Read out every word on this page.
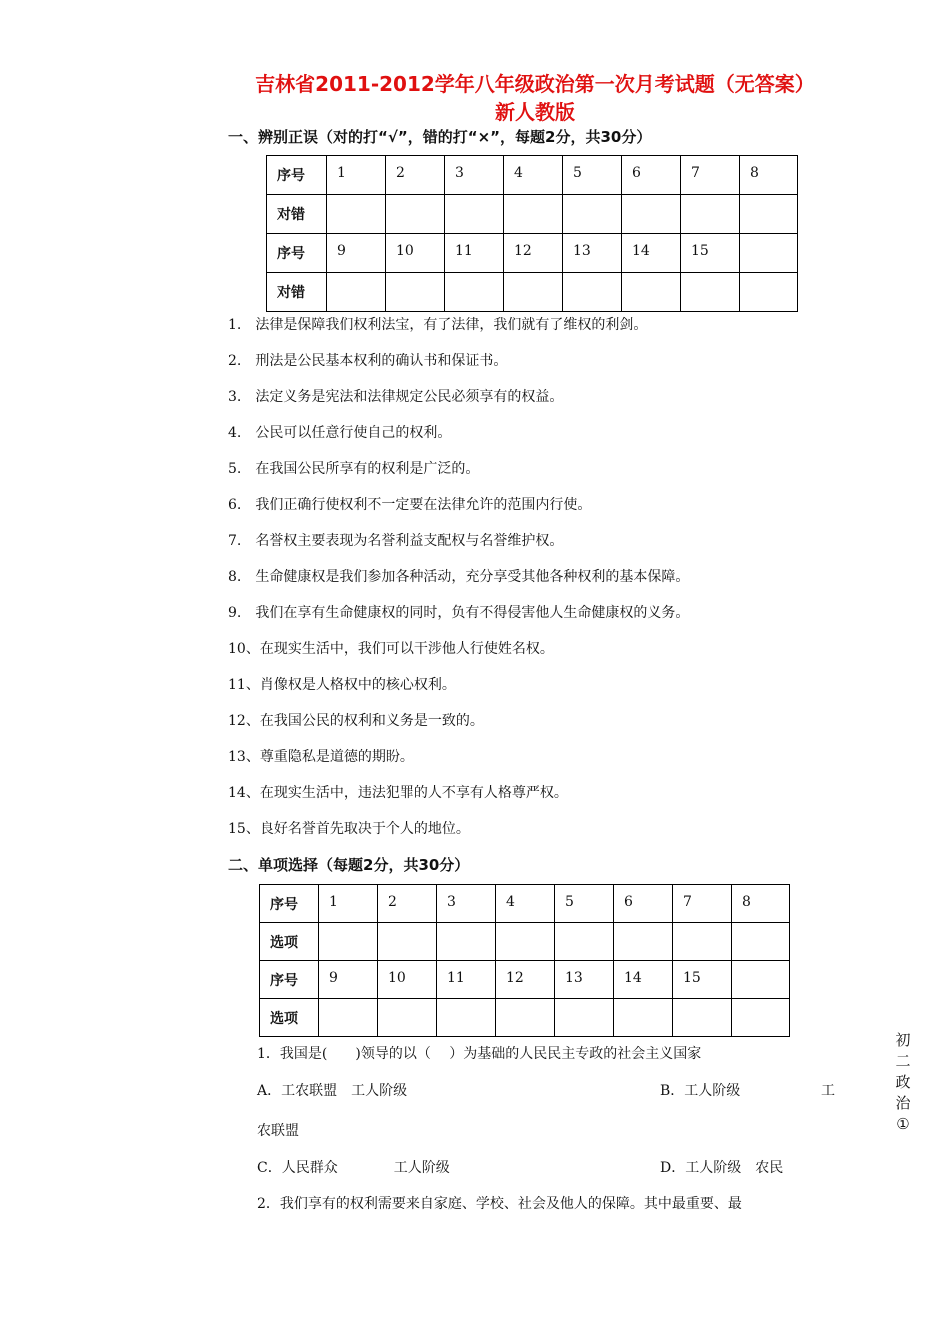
吉林省2011-2012学年八年级政治第一次月考试题（无答案）
新人教版
一、辨别正误（对的打“√”，错的打“×”，每题2分，共30分）
序号	1	2	3	4	5	6	7	8
对错								
序号	9	10	11	12	13	14	15	
对错								
1.　法律是保障我们权利法宝，有了法律，我们就有了维权的利剑。
2.　刑法是公民基本权利的确认书和保证书。
3.　法定义务是宪法和法律规定公民必须享有的权益。
4.　公民可以任意行使自己的权利。
5.　在我国公民所享有的权利是广泛的。
6.　我们正确行使权利不一定要在法律允许的范围内行使。
7.　名誉权主要表现为名誉利益支配权与名誉维护权。
8.　生命健康权是我们参加各种活动，充分享受其他各种权利的基本保障。
9.　我们在享有生命健康权的同时，负有不得侵害他人生命健康权的义务。
10、在现实生活中，我们可以干涉他人行使姓名权。
11、肖像权是人格权中的核心权利。
12、在我国公民的权利和义务是一致的。
13、尊重隐私是道德的期盼。
14、在现实生活中，违法犯罪的人不享有人格尊严权。
15、良好名誉首先取决于个人的地位。
二、单项选择（每题2分，共30分）
序号	1	2	3	4	5	6	7	8
选项								
序号	9	10	11	12	13	14	15	
选项								
1．我国是(　　)领导的以（　 ）为基础的人民民主专政的社会主义国家
A．工农联盟　工人阶级	B．工人阶级	工
农联盟
C．人民群众　　　　工人阶级	D．工人阶级　农民
2．我们享有的权利需要来自家庭、学校、社会及他人的保障。其中最重要、最
初
二
政
治
①
